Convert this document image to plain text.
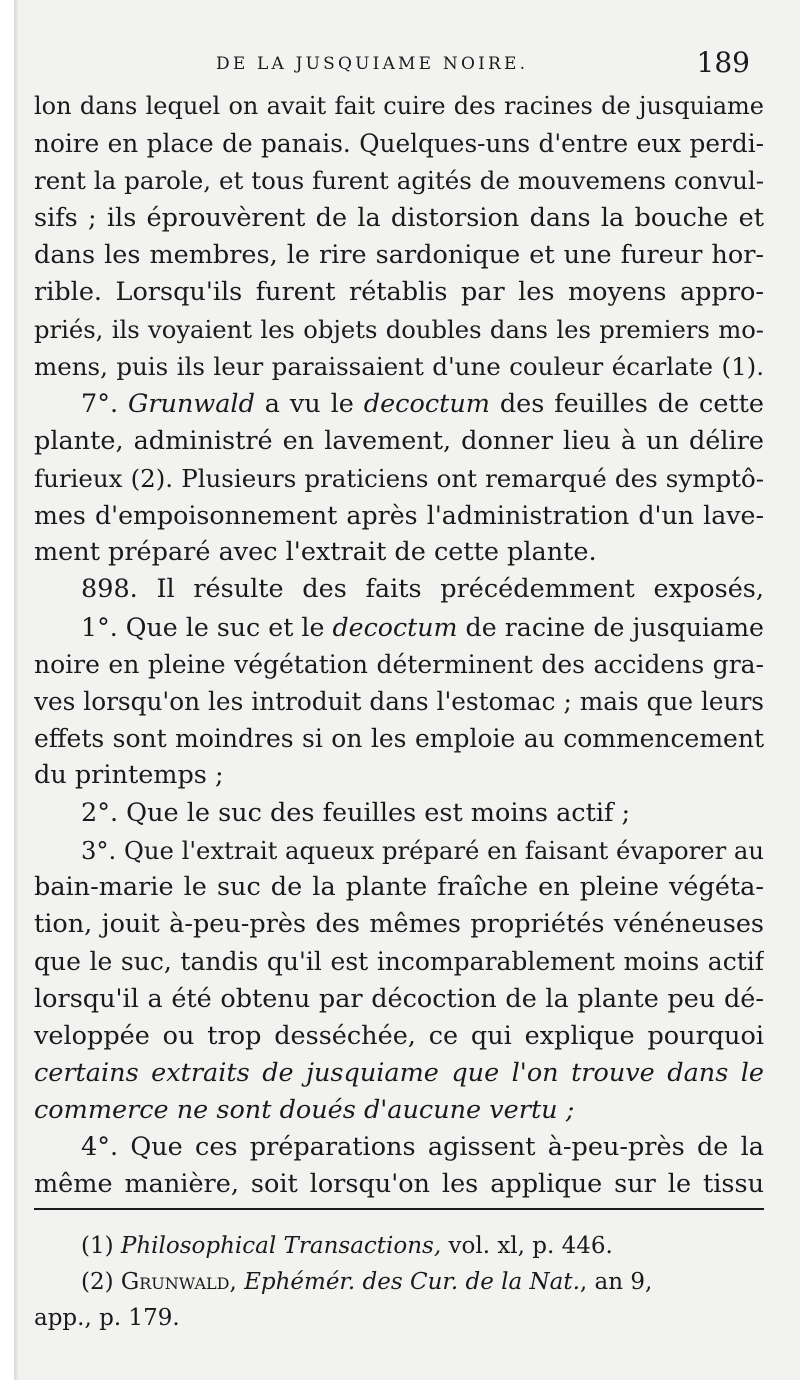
DE LA JUSQUIAME NOIRE.	189
lon dans lequel on avait fait cuire des racines de jusquiame
noire en place de panais. Quelques-uns d'entre eux perdi-
rent la parole, et tous furent agités de mouvemens convul-
sifs ; ils éprouvèrent de la distorsion dans la bouche et
dans les membres, le rire sardonique et une fureur hor-
rible. Lorsqu'ils furent rétablis par les moyens appro-
priés, ils voyaient les objets doubles dans les premiers mo-
mens, puis ils leur paraissaient d'une couleur écarlate (1).
7°. Grunwald a vu le decoctum des feuilles de cette
plante, administré en lavement, donner lieu à un délire
furieux (2). Plusieurs praticiens ont remarqué des symptô-
mes d'empoisonnement après l'administration d'un lave-
ment préparé avec l'extrait de cette plante.
898. Il résulte des faits précédemment exposés,
1°. Que le suc et le decoctum de racine de jusquiame
noire en pleine végétation déterminent des accidens gra-
ves lorsqu'on les introduit dans l'estomac ; mais que leurs
effets sont moindres si on les emploie au commencement
du printemps ;
2°. Que le suc des feuilles est moins actif ;
3°. Que l'extrait aqueux préparé en faisant évaporer au
bain-marie le suc de la plante fraîche en pleine végéta-
tion, jouit à-peu-près des mêmes propriétés vénéneuses
que le suc, tandis qu'il est incomparablement moins actif
lorsqu'il a été obtenu par décoction de la plante peu dé-
veloppée ou trop desséchée, ce qui explique pourquoi
certains extraits de jusquiame que l'on trouve dans le
commerce ne sont doués d'aucune vertu ;
4°. Que ces préparations agissent à-peu-près de la
même manière, soit lorsqu'on les applique sur le tissu
(1) Philosophical Transactions, vol. xl, p. 446.
(2) Grunwald, Ephémér. des Cur. de la Nat., an 9,
app., p. 179.
